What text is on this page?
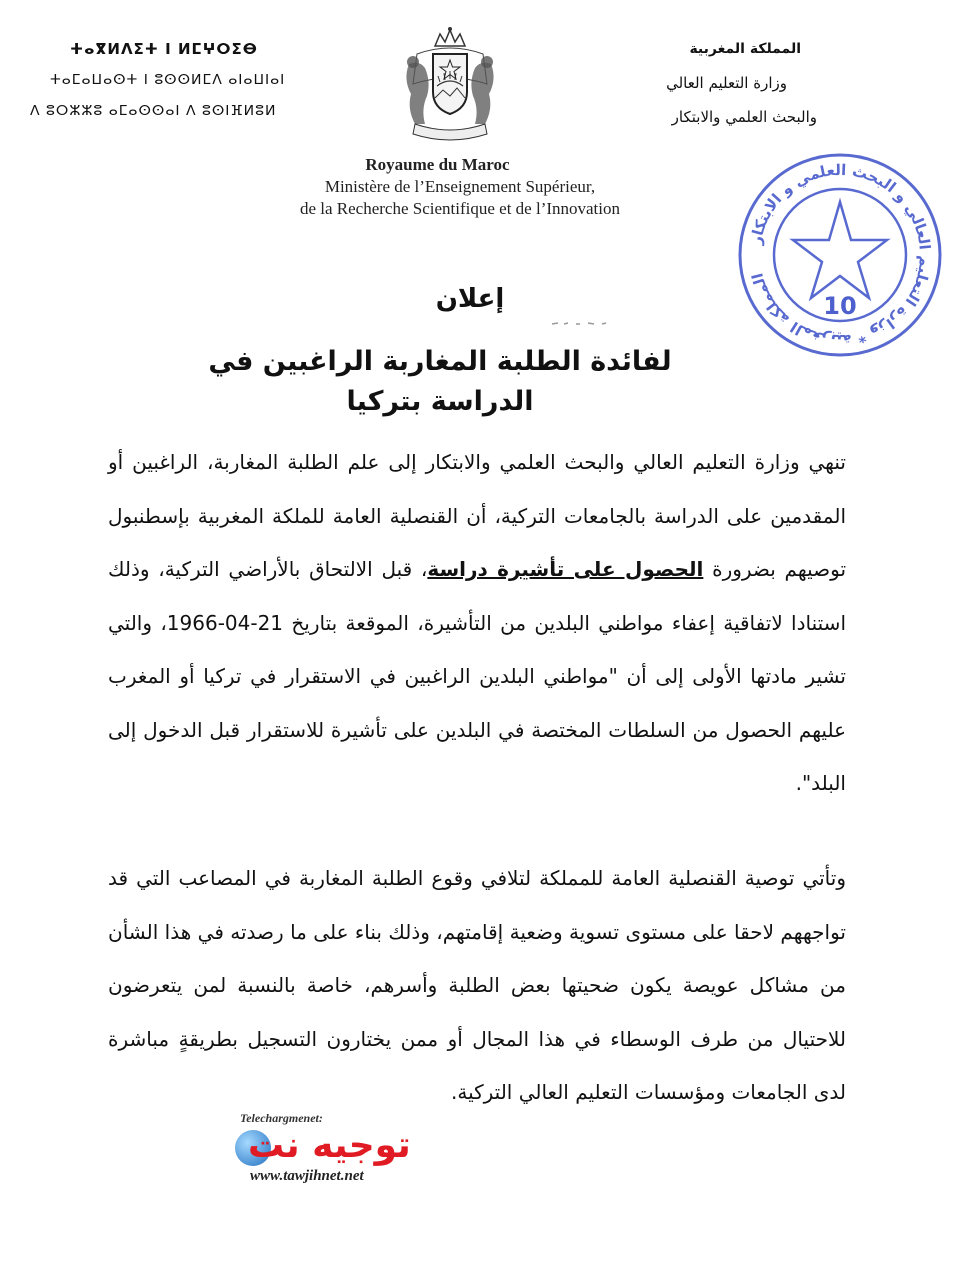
ⵜⴰⴳⵍⴷⵉⵜ ⵏ ⵍⵎⵖⵔⵉⴱ
ⵜⴰⵎⴰⵡⴰⵙⵜ ⵏ ⵓⵙⵙⵍⵎⴷ ⴰⵏⴰⵡⵏⴰⵏ
ⴷ ⵓⵔⵣⵣⵓ ⴰⵎⴰⵙⵙⴰⵏ ⴷ ⵓⵙⵏⴼⵍⵓⵍ
المملكة المغربية
وزارة التعليم العالي
والبحث العلمي والابتكار
Royaume du Maroc
Ministère de l’Enseignement Supérieur,
de la Recherche Scientifique et de l’Innovation
المملكة المغربية * وزارة التعليم العالي و البحث العلمي و الابتكار
10
إعلان
لفائدة الطلبة المغاربة الراغبين في الدراسة بتركيا
تنهي وزارة التعليم العالي والبحث العلمي والابتكار إلى علم الطلبة المغاربة، الراغبين أو المقدمين على الدراسة بالجامعات التركية، أن القنصلية العامة للملكة المغربية بإسطنبول توصيهم بضرورة الحصول على تأشيرة دراسة، قبل الالتحاق بالأراضي التركية، وذلك استنادا لاتفاقية إعفاء مواطني البلدين من التأشيرة، الموقعة بتاريخ 21-04-1966، والتي تشير مادتها الأولى إلى أن "مواطني البلدين الراغبين في الاستقرار في تركيا أو المغرب عليهم الحصول من السلطات المختصة في البلدين على تأشيرة للاستقرار قبل الدخول إلى البلد".
وتأتي توصية القنصلية العامة للمملكة لتلافي وقوع الطلبة المغاربة في المصاعب التي قد تواجههم لاحقا على مستوى تسوية وضعية إقامتهم، وذلك بناء على ما رصدته في هذا الشأن من مشاكل عويصة يكون ضحيتها بعض الطلبة وأسرهم، خاصة بالنسبة لمن يتعرضون للاحتيال من طرف الوسطاء في هذا المجال أو ممن يختارون التسجيل بطريقةٍ مباشرة لدى الجامعات ومؤسسات التعليم العالي التركية.
Telechargmenet:
توجيه نت
www.tawjihnet.net
